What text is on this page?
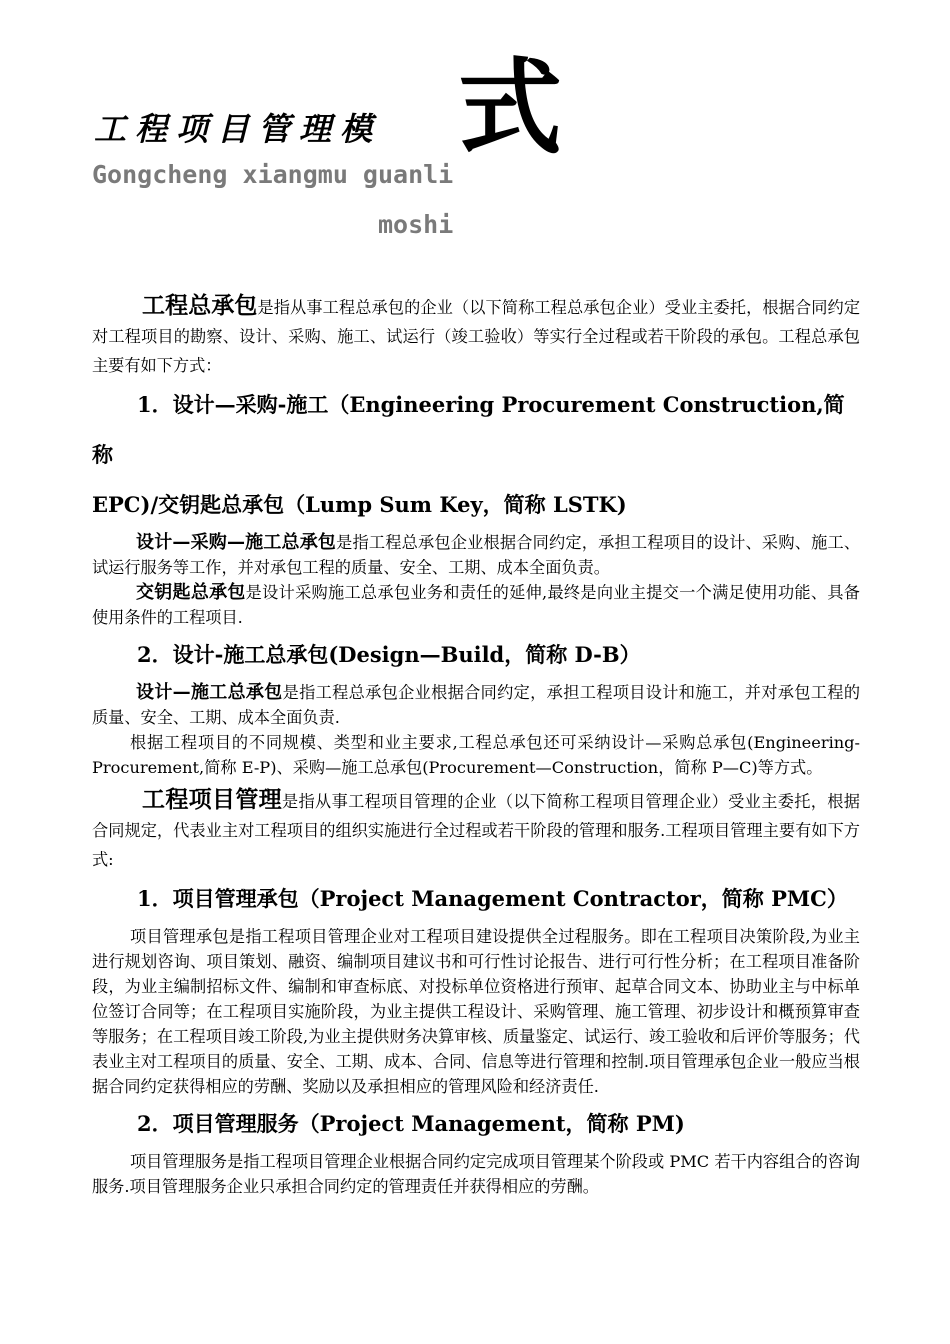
工程项目管理模 式
Gongcheng xiangmu guanli
moshi

工程总承包是指从事工程总承包的企业（以下简称工程总承包企业）受业主委托，根据合同约定对工程项目的勘察、设计、采购、施工、试运行（竣工验收）等实行全过程或若干阶段的承包。工程总承包主要有如下方式：

1．设计—采购-施工（Engineering Procurement Construction,简称
EPC)/交钥匙总承包（Lump Sum Key，简称 LSTK)

设计—采购—施工总承包是指工程总承包企业根据合同约定，承担工程项目的设计、采购、施工、试运行服务等工作，并对承包工程的质量、安全、工期、成本全面负责。

交钥匙总承包是设计采购施工总承包业务和责任的延伸,最终是向业主提交一个满足使用功能、具备使用条件的工程项目.

2．设计-施工总承包(Design—Build，简称 D-B）

设计—施工总承包是指工程总承包企业根据合同约定，承担工程项目设计和施工，并对承包工程的质量、安全、工期、成本全面负责.

根据工程项目的不同规模、类型和业主要求,工程总承包还可采纳设计—采购总承包(Engineering-Procurement,简称 E-P)、采购—施工总承包(Procurement—Construction，简称 P—C)等方式。

工程项目管理是指从事工程项目管理的企业（以下简称工程项目管理企业）受业主委托，根据合同规定，代表业主对工程项目的组织实施进行全过程或若干阶段的管理和服务.工程项目管理主要有如下方式:

1．项目管理承包（Project Management Contractor，简称 PMC）

项目管理承包是指工程项目管理企业对工程项目建设提供全过程服务。即在工程项目决策阶段,为业主进行规划咨询、项目策划、融资、编制项目建议书和可行性讨论报告、进行可行性分析；在工程项目准备阶段，为业主编制招标文件、编制和审查标底、对投标单位资格进行预审、起草合同文本、协助业主与中标单位签订合同等；在工程项目实施阶段，为业主提供工程设计、采购管理、施工管理、初步设计和概预算审查等服务；在工程项目竣工阶段,为业主提供财务决算审核、质量鉴定、试运行、竣工验收和后评价等服务；代表业主对工程项目的质量、安全、工期、成本、合同、信息等进行管理和控制.项目管理承包企业一般应当根据合同约定获得相应的劳酬、奖励以及承担相应的管理风险和经济责任.

2．项目管理服务（Project Management，简称 PM)

项目管理服务是指工程项目管理企业根据合同约定完成项目管理某个阶段或 PMC 若干内容组合的咨询服务.项目管理服务企业只承担合同约定的管理责任并获得相应的劳酬。
